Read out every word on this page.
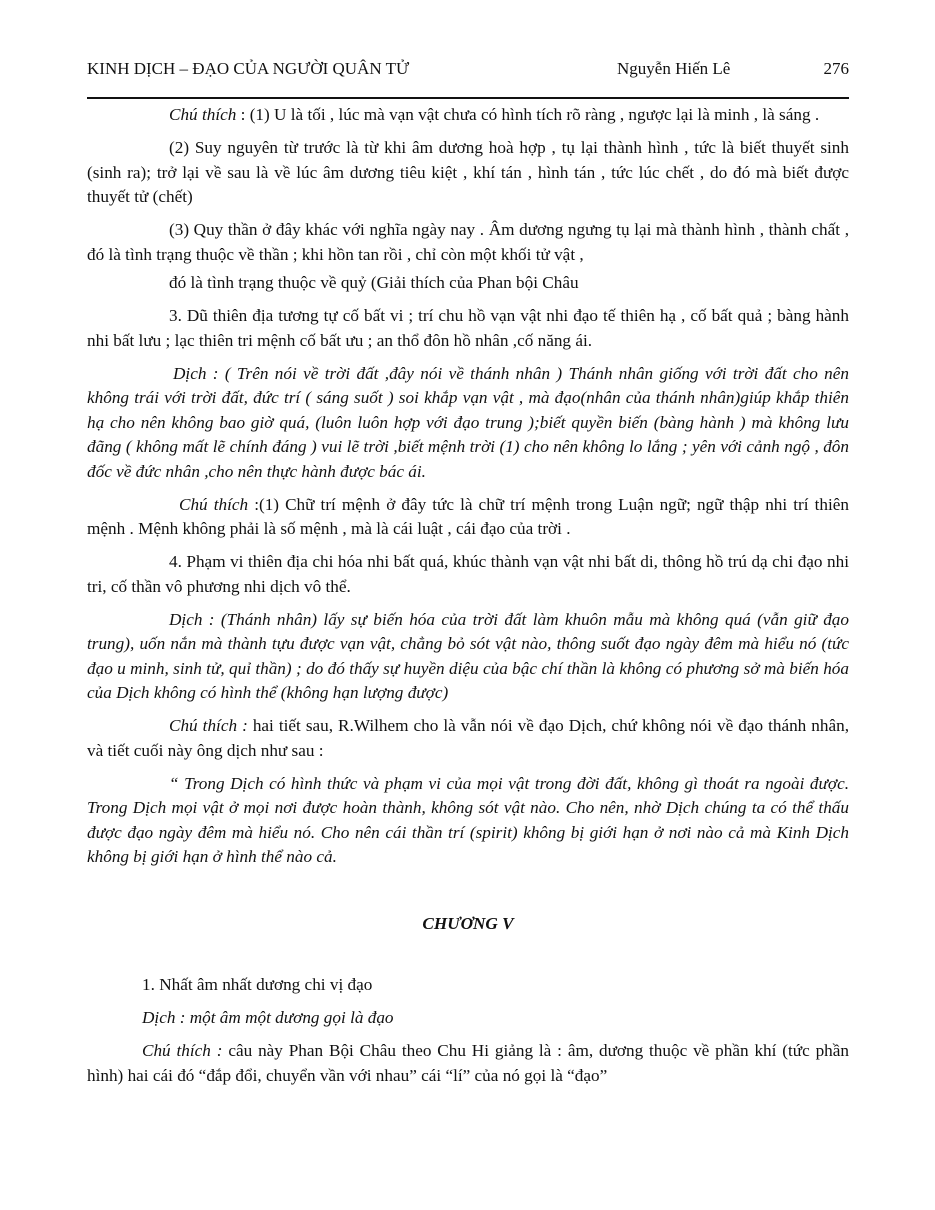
KINH DỊCH – ĐẠO CỦA NGƯỜI QUÂN TỬ	Nguyễn Hiến Lê	276

Chú thích : (1) U là tối , lúc mà vạn vật chưa có hình tích rõ ràng , ngược lại là minh , là sáng .

(2) Suy nguyên từ trước là từ khi âm dương hoà hợp , tụ lại thành hình , tức là biết thuyết sinh (sinh ra); trở lại về sau là về lúc âm dương tiêu kiệt , khí tán , hình tán , tức lúc chết , do đó mà biết được thuyết tử (chết)

(3) Quy thần ở đây khác với nghĩa ngày nay . Âm dương ngưng tụ lại mà thành hình , thành chất , đó là tình trạng thuộc về thần ; khi hồn tan rồi , chỉ còn một khối tử vật ,

đó là tình trạng thuộc về quỷ (Giải thích của Phan bội Châu

3. Dũ thiên địa tương tự cố bất vi ; trí chu hồ vạn vật nhi đạo tế thiên hạ , cố bất quả ; bàng hành nhi bất lưu ; lạc thiên tri mệnh cố bất ưu ; an thổ đôn hồ nhân ,cố năng ái.

Dịch : ( Trên nói về trời đất ,đây nói về thánh nhân ) Thánh nhân giống với trời đất cho nên không trái với trời đất, đức trí ( sáng suốt ) soi khắp vạn vật , mà đạo(nhân của thánh nhân)giúp khắp thiên hạ cho nên không bao giờ quá, (luôn luôn hợp với đạo trung );biết quyền biến (bàng hành ) mà không lưu đãng ( không mất lẽ chính đáng ) vui lẽ trời ,biết mệnh trời (1) cho nên không lo lắng ; yên với cảnh ngộ , đôn đốc về đức nhân ,cho nên thực hành được bác ái.

Chú thích :(1) Chữ trí mệnh ở đây tức là chữ trí mệnh trong Luận ngữ; ngữ thập nhi trí thiên mệnh . Mệnh không phải là số mệnh , mà là cái luật , cái đạo của trời .

4. Phạm vi thiên địa chi hóa nhi bất quá, khúc thành vạn vật nhi bất di, thông hồ trú dạ chi đạo nhi tri, cố thần vô phương nhi dịch vô thể.

Dịch : (Thánh nhân) lấy sự biến hóa của trời đất làm khuôn mẫu mà không quá (vẫn giữ đạo trung), uốn nắn mà thành tựu được vạn vật, chẳng bỏ sót vật nào, thông suốt đạo ngày đêm mà hiểu nó (tức đạo u minh, sinh tử, quỉ thần) ; do đó thấy sự huyền diệu của bậc chí thần là không có phương sở mà biến hóa của Dịch không có hình thể (không hạn lượng được)

Chú thích : hai tiết sau, R.Wilhem cho là vẫn nói về đạo Dịch, chứ không nói về đạo thánh nhân, và tiết cuối này ông dịch như sau :

“ Trong Dịch có hình thức và phạm vi của mọi vật trong đời đất, không gì thoát ra ngoài được. Trong Dịch mọi vật ở mọi nơi được hoàn thành, không sót vật nào. Cho nên, nhờ Dịch chúng ta có thể thấu được đạo ngày đêm mà hiểu nó. Cho nên cái thần trí (spirit) không bị giới hạn ở nơi nào cả mà Kinh Dịch không bị giới hạn ở hình thể nào cả.

CHƯƠNG V

1. Nhất âm nhất dương chi vị đạo

Dịch : một âm một dương gọi là đạo

Chú thích : câu này Phan Bội Châu theo Chu Hi giảng là : âm, dương thuộc về phần khí (tức phần hình) hai cái đó “đắp đổi, chuyển vần với nhau” cái “lí” của nó gọi là “đạo”
